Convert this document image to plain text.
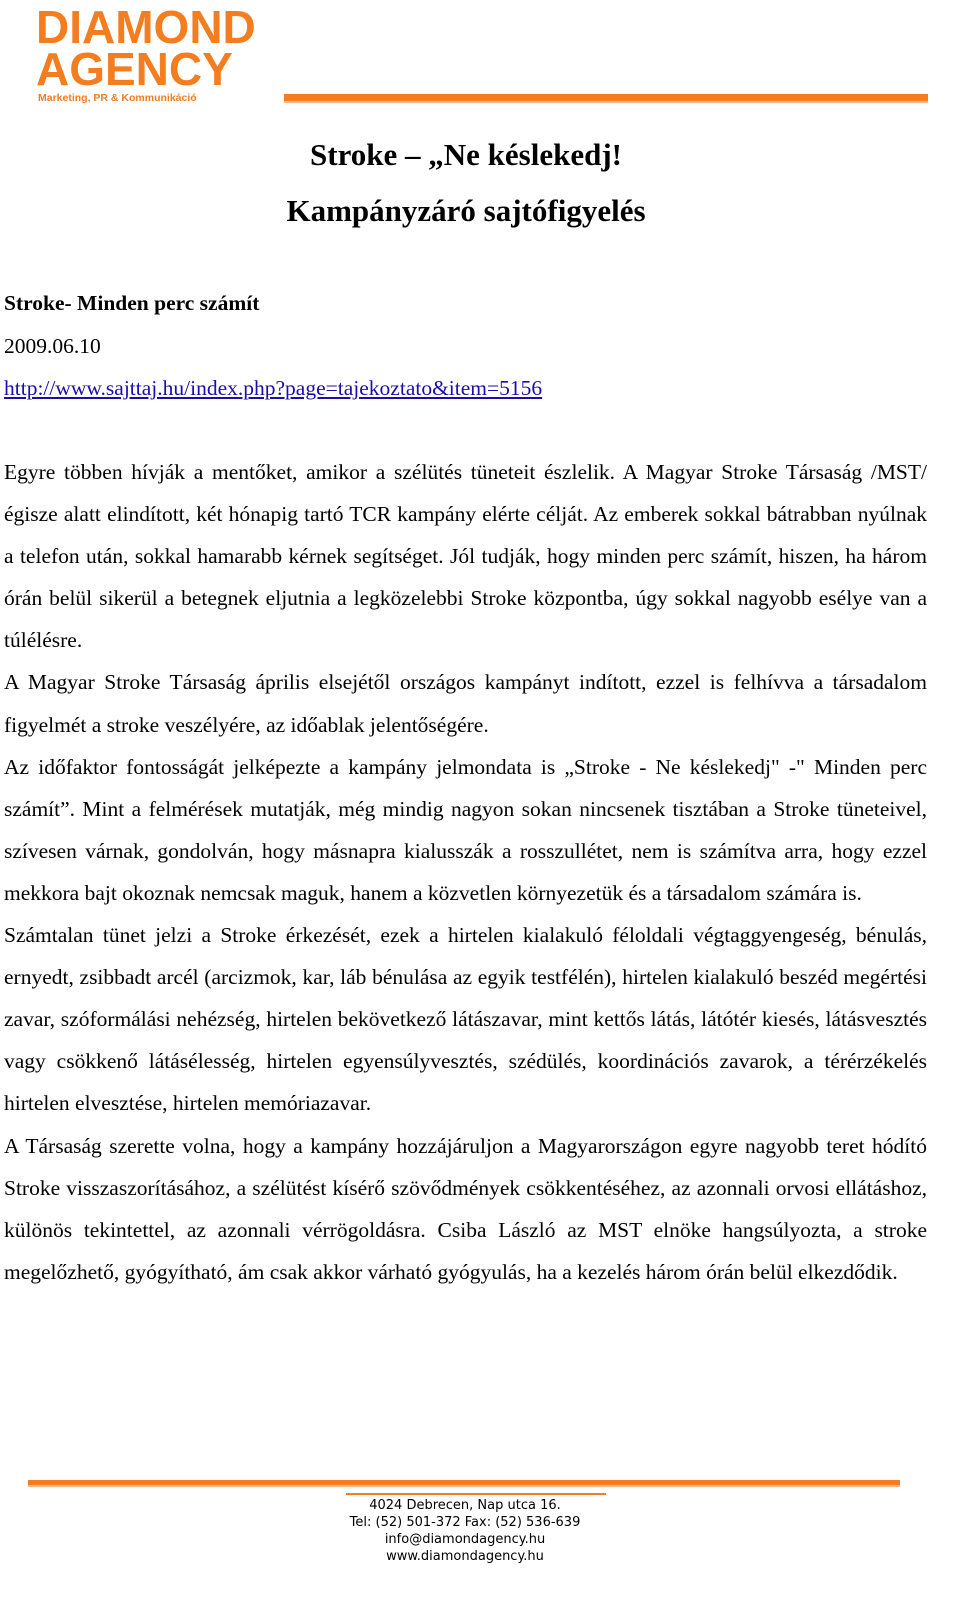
DIAMOND
AGENCY
Marketing, PR & Kommunikáció
Stroke – „Ne késlekedj!
Kampányzáró sajtófigyelés
Stroke- Minden perc számít
2009.06.10
http://www.sajttaj.hu/index.php?page=tajekoztato&item=5156

Egyre többen hívják a mentőket, amikor a szélütés tüneteit észlelik. A Magyar Stroke Társaság /MST/ égisze alatt elindított, két hónapig tartó TCR kampány elérte célját. Az emberek sokkal bátrabban nyúlnak a telefon után, sokkal hamarabb kérnek segítséget. Jól tudják, hogy minden perc számít, hiszen, ha három órán belül sikerül a betegnek eljutnia a legközelebbi Stroke központba, úgy sokkal nagyobb esélye van a túlélésre.

A Magyar Stroke Társaság április elsejétől országos kampányt indított, ezzel is felhívva a társadalom figyelmét a stroke veszélyére, az időablak jelentőségére.

Az időfaktor fontosságát jelképezte a kampány jelmondata is „Stroke - Ne késlekedj" -" Minden perc számít”. Mint a felmérések mutatják, még mindig nagyon sokan nincsenek tisztában a Stroke tüneteivel, szívesen várnak, gondolván, hogy másnapra kialusszák a rosszullétet, nem is számítva arra, hogy ezzel mekkora bajt okoznak nemcsak maguk, hanem a közvetlen környezetük és a társadalom számára is.

Számtalan tünet jelzi a Stroke érkezését, ezek a hirtelen kialakuló féloldali végtaggyengeség, bénulás, ernyedt, zsibbadt arcél (arcizmok, kar, láb bénulása az egyik testfélén), hirtelen kialakuló beszéd megértési zavar, szóformálási nehézség, hirtelen bekövetkező látászavar, mint kettős látás, látótér kiesés, látásvesztés vagy csökkenő látásélesség, hirtelen egyensúlyvesztés, szédülés, koordinációs zavarok, a térérzékelés hirtelen elvesztése, hirtelen memóriazavar.

A Társaság szerette volna, hogy a kampány hozzájáruljon a Magyarországon egyre nagyobb teret hódító Stroke visszaszorításához, a szélütést kísérő szövődmények csökkentéséhez, az azonnali orvosi ellátáshoz, különös tekintettel, az azonnali vérrögoldásra. Csiba László az MST elnöke hangsúlyozta, a stroke megelőzhető, gyógyítható, ám csak akkor várható gyógyulás, ha a kezelés három órán belül elkezdődik.

4024 Debrecen, Nap utca 16.
Tel: (52) 501-372 Fax: (52) 536-639
info@diamondagency.hu
www.diamondagency.hu
